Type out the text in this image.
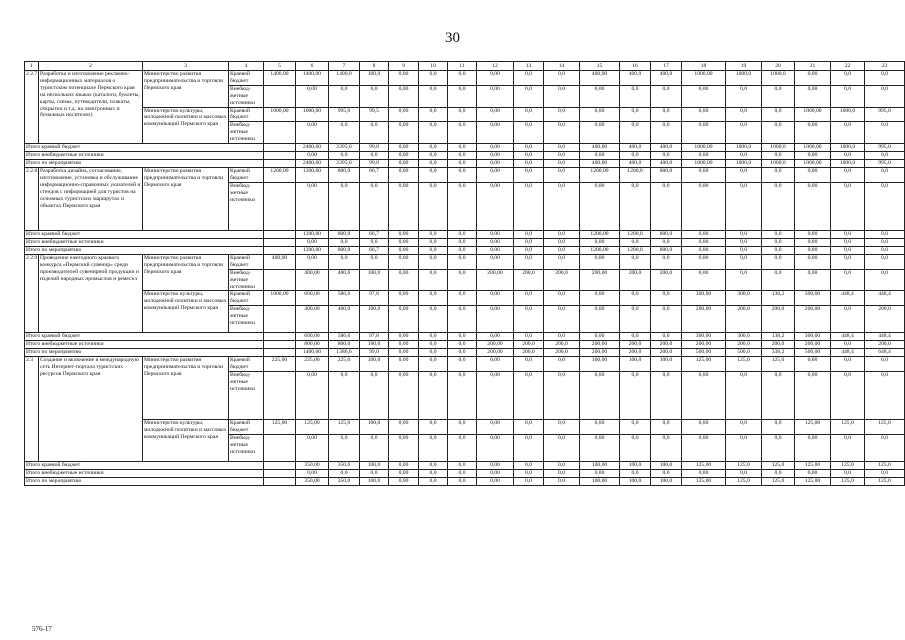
30
1	2	3	4	5	6	7	8	9	10	11	12	13	14	15	16	17	18	19	20	21	22	23
2.2.7	Разработка и изготовление рекламно-информационных материалов о туристском потенциале Пермского края на нескольких языках (каталоги, буклеты, карты, схемы, путеводители, плакаты, открытки и т.д. на электронных и бумажных носителях)	Министерство развития предпринимательства и торговли Пермского края	Краевой бюджет	1400,00	1400,00	1400,0	100,0	0,00	0,0	0,0	0,00	0,0	0,0	400,00	400,0	400,0	1000,00	1000,0	1000,0	0,00	0,0	0,0
			Внебюд-жетные источники		0,00	0,0	0,0	0,00	0,0	0,0	0,00	0,0	0,0	0,00	0,0	0,0	0,00	0,0	0,0	0,00	0,0	0,0
		Министерство культуры, молодежной политики и массовых коммуникаций Пермского края	Краевой бюджет	1000,00	1000,00	995,0	99,5	0,00	0,0	0,0	0,00	0,0	0,0	0,00	0,0	0,0	0,00	0,0	0,0	1000,00	1000,0	995,0
			Внебюд-жетные источники		0,00	0,0	0,0	0,00	0,0	0,0	0,00	0,0	0,0	0,00	0,0	0,0	0,00	0,0	0,0	0,00	0,0	0,0
Итого краевой бюджет					2400,00	2395,0	99,8	0,00	0,0	0,0	0,00	0,0	0,0	400,00	400,0	400,0	1000,00	1000,0	1000,0	1000,00	1000,0	995,0
Итого внебюджетные источники					0,00	0,0	0,0	0,00	0,0	0,0	0,00	0,0	0,0	0,00	0,0	0,0	0,00	0,0	0,0	0,00	0,0	0,0
Итого по мероприятию					2400,00	2395,0	99,8	0,00	0,0	0,0	0,00	0,0	0,0	400,00	400,0	400,0	1000,00	1000,0	1000,0	1000,00	1000,0	995,0
2.2.8	Разработка дизайна, согласование, изготовление, установка и обслуживание информационно-справочных указателей и стендов с информацией для туристов на основных туристских маршрутах и объектах Пермского края	Министерство развития предпринимательства и торговли Пермского края	Краевой бюджет	1200,00	1200,00	800,0	66,7	0,00	0,0	0,0	0,00	0,0	0,0	1200,00	1200,0	800,0	0,00	0,0	0,0	0,00	0,0	0,0
			Внебюд-жетные источники		0,00	0,0	0,0	0,00	0,0	0,0	0,00	0,0	0,0	0,00	0,0	0,0	0,00	0,0	0,0	0,00	0,0	0,0
Итого краевой бюджет					1200,00	800,0	66,7	0,00	0,0	0,0	0,00	0,0	0,0	1200,00	1200,0	800,0	0,00	0,0	0,0	0,00	0,0	0,0
Итого внебюджетные источники					0,00	0,0	0,0	0,00	0,0	0,0	0,00	0,0	0,0	0,00	0,0	0,0	0,00	0,0	0,0	0,00	0,0	0,0
Итого по мероприятию					1200,00	800,0	66,7	0,00	0,0	0,0	0,00	0,0	0,0	1200,00	1200,0	800,0	0,00	0,0	0,0	0,00	0,0	0,0
2.2.9	Проведение ежегодного краевого конкурса «Пермский сувенир» среди производителей сувенирной продукции и изделий народных промыслов и ремесел	Министерство развития предпринимательства и торговли Пермского края	Краевой бюджет	400,00	0,00	0,0	0,0	0,00	0,0	0,0	0,00	0,0	0,0	0,00	0,0	0,0	0,00	0,0	0,0	0,00	0,0	0,0
			Внебюд-жетные источники		400,00	400,0	100,0	0,00	0,0	0,0	200,00	200,0	200,0	200,00	200,0	200,0	0,00	0,0	0,0	0,00	0,0	0,0
		Министерство культуры, молодежной политики и массовых коммуникаций Пермского края	Краевой бюджет	1000,00	600,00	586,6	97,8	0,00	0,0	0,0	0,00	0,0	0,0	0,00	0,0	0,0	300,00	300,0	138,2	300,00	448,4	448,4
			Внебюд-жетные источники		400,00	400,0	100,0	0,00	0,0	0,0	0,00	0,0	0,0	0,00	0,0	0,0	200,00	200,0	200,0	200,00	0,0	200,0
Итого краевой бюджет					600,00	586,6	97,8	0,00	0,0	0,0	0,00	0,0	0,0	0,00	0,0	0,0	300,00	300,0	138,2	300,00	448,4	448,4
Итого внебюджетные источники					800,00	800,0	100,0	0,00	0,0	0,0	200,00	200,0	200,0	200,00	200,0	200,0	200,00	200,0	200,0	200,00	0,0	200,0
Итого по мероприятию					1400,00	1386,6	99,0	0,00	0,0	0,0	200,00	200,0	200,0	200,00	200,0	200,0	500,00	500,0	338,2	500,00	448,4	648,4
2.3	Создание и включение в международную сеть Интернет-портала туристских ресурсов Пермского края	Министерство развития предпринимательства и торговли Пермского края	Краевой бюджет	225,00	225,00	225,0	100,0	0,00	0,0	0,0	0,00	0,0	0,0	100,00	100,0	100,0	125,00	125,0	125,0	0,00	0,0	0,0
			Внебюд-жетные источники		0,00	0,0	0,0	0,00	0,0	0,0	0,00	0,0	0,0	0,00	0,0	0,0	0,00	0,0	0,0	0,00	0,0	0,0
		Министерство культуры, молодежной политики и массовых коммуникаций Пермского края	Краевой бюджет	125,00	125,00	125,0	100,0	0,00	0,0	0,0	0,00	0,0	0,0	0,00	0,0	0,0	0,00	0,0	0,0	125,00	125,0	125,0
			Внебюд-жетные источники		0,00	0,0	0,0	0,00	0,0	0,0	0,00	0,0	0,0	0,00	0,0	0,0	0,00	0,0	0,0	0,00	0,0	0,0
Итого краевой бюджет					350,00	350,0	100,0	0,00	0,0	0,0	0,00	0,0	0,0	100,00	100,0	100,0	125,00	125,0	125,0	125,00	125,0	125,0
Итого внебюджетные источники					0,00	0,0	0,0	0,00	0,0	0,0	0,00	0,0	0,0	0,00	0,0	0,0	0,00	0,0	0,0	0,00	0,0	0,0
Итого по мероприятию					350,00	350,0	100,0	0,00	0,0	0,0	0,00	0,0	0,0	100,00	100,0	100,0	125,00	125,0	125,0	125,00	125,0	125,0
576-17
